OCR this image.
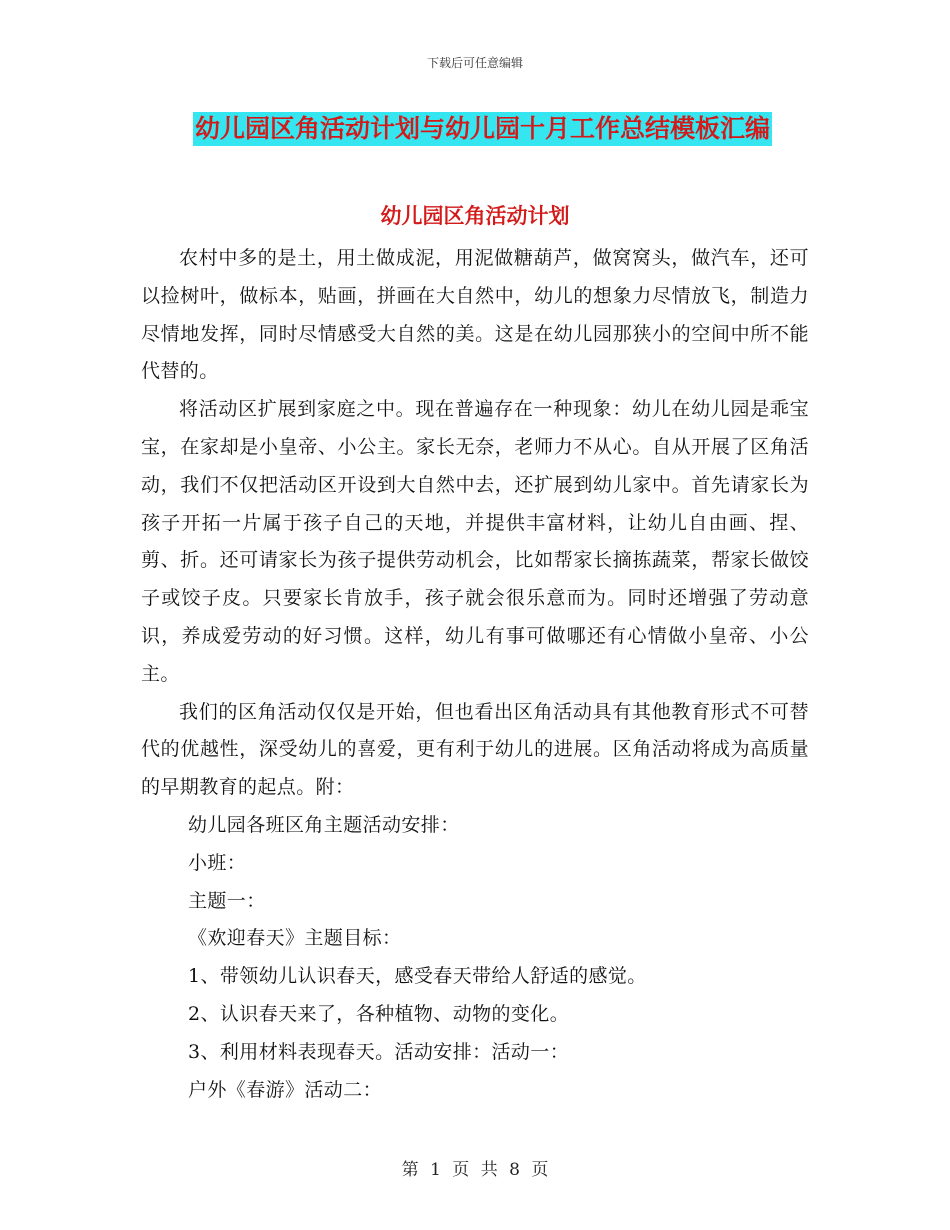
下载后可任意编辑
幼儿园区角活动计划与幼儿园十月工作总结模板汇编
幼儿园区角活动计划

农村中多的是土，用土做成泥，用泥做糖葫芦，做窝窝头，做汽车，还可以捡树叶，做标本，贴画，拼画在大自然中，幼儿的想象力尽情放飞，制造力尽情地发挥，同时尽情感受大自然的美。这是在幼儿园那狭小的空间中所不能代替的。

将活动区扩展到家庭之中。现在普遍存在一种现象：幼儿在幼儿园是乖宝宝，在家却是小皇帝、小公主。家长无奈，老师力不从心。自从开展了区角活动，我们不仅把活动区开设到大自然中去，还扩展到幼儿家中。首先请家长为孩子开拓一片属于孩子自己的天地，并提供丰富材料，让幼儿自由画、捏、剪、折。还可请家长为孩子提供劳动机会，比如帮家长摘拣蔬菜，帮家长做饺子或饺子皮。只要家长肯放手，孩子就会很乐意而为。同时还增强了劳动意识，养成爱劳动的好习惯。这样，幼儿有事可做哪还有心情做小皇帝、小公主。

我们的区角活动仅仅是开始，但也看出区角活动具有其他教育形式不可替代的优越性，深受幼儿的喜爱，更有利于幼儿的进展。区角活动将成为高质量的早期教育的起点。附：

幼儿园各班区角主题活动安排：

小班：

主题一：

《欢迎春天》主题目标：

1、带领幼儿认识春天，感受春天带给人舒适的感觉。

2、认识春天来了，各种植物、动物的变化。

3、利用材料表现春天。活动安排：活动一：

户外《春游》活动二：

第 1 页 共 8 页
